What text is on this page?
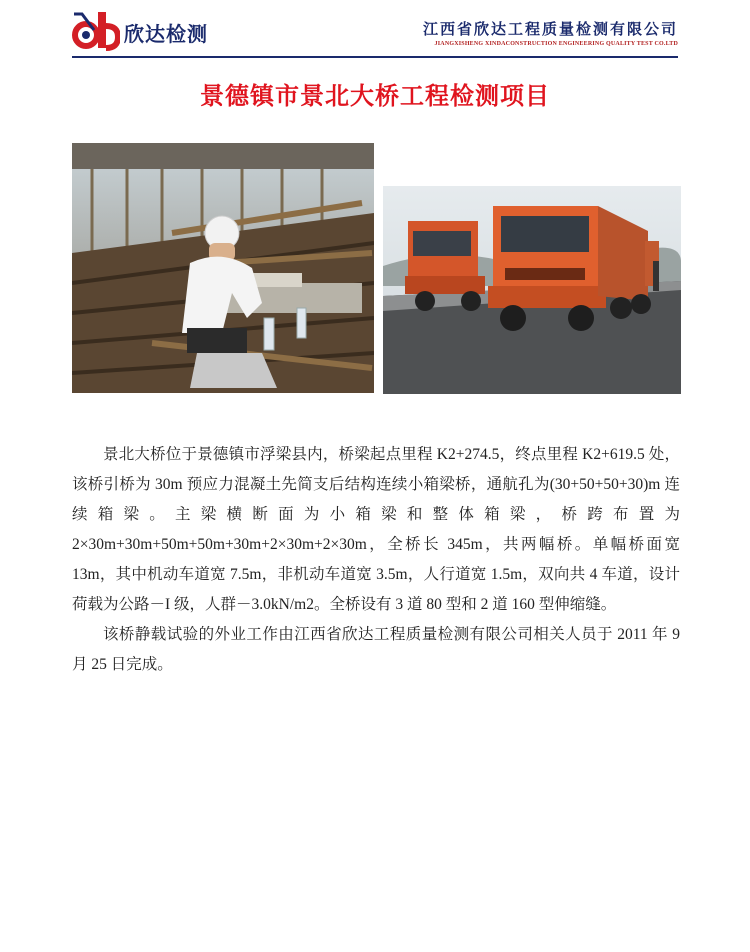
欣达检测	江西省欣达工程质量检测有限公司
JIANGXISHENG XINDACONSTRUCTION ENGINEERING QUALITY TEST CO.LTD
景德镇市景北大桥工程检测项目

景北大桥位于景德镇市浮梁县内，桥梁起点里程 K2+274.5，终点里程 K2+619.5 处，该桥引桥为 30m 预应力混凝土先简支后结构连续小箱梁桥，通航孔为(30+50+50+30)m 连续箱梁。主梁横断面为小箱梁和整体箱梁，桥跨布置为 2×30m+30m+50m+50m+30m+2×30m+2×30m，全桥长 345m，共两幅桥。单幅桥面宽 13m，其中机动车道宽 7.5m，非机动车道宽 3.5m，人行道宽 1.5m，双向共 4 车道，设计荷载为公路－I 级，人群－3.0kN/m2。全桥设有 3 道 80 型和 2 道 160 型伸缩缝。

该桥静载试验的外业工作由江西省欣达工程质量检测有限公司相关人员于 2011 年 9 月 25 日完成。
